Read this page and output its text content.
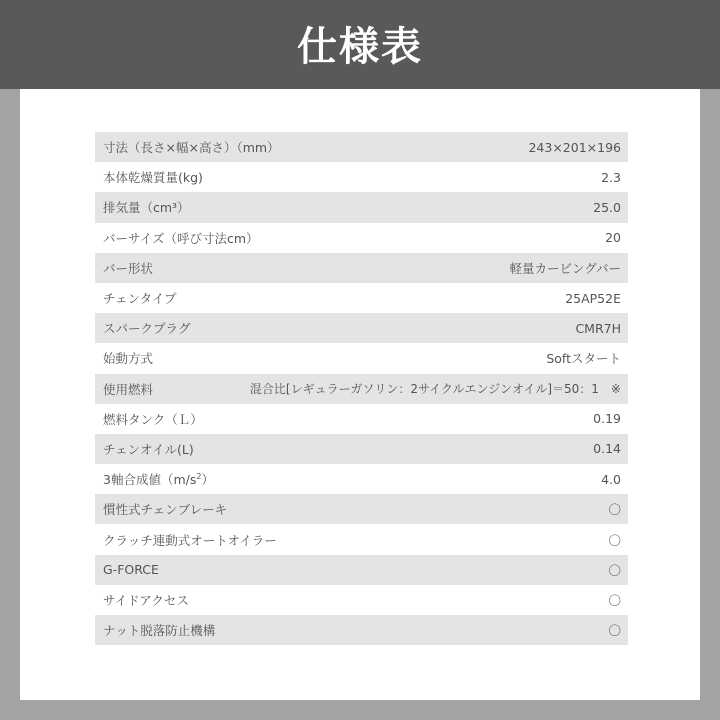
仕様表
寸法（長さ×幅×高さ）（mm）	243×201×196
本体乾燥質量(kg)	2.3
排気量（cm³）	25.0
バーサイズ（呼び寸法cm）	20
バー形状	軽量カービングバー
チェンタイプ	25AP52E
スパークプラグ	CMR7H
始動方式	Softスタート
使用燃料	混合比[レギュラーガソリン：2サイクルエンジンオイル]＝50：1　※
燃料タンク（Ｌ）	0.19
チェンオイル(L)	0.14
3軸合成値$(m/s^2)$	4.0
慣性式チェンブレーキ	〇
クラッチ連動式オートオイラー	〇
G-FORCE	〇
サイドアクセス	〇
ナット脱落防止機構	〇
